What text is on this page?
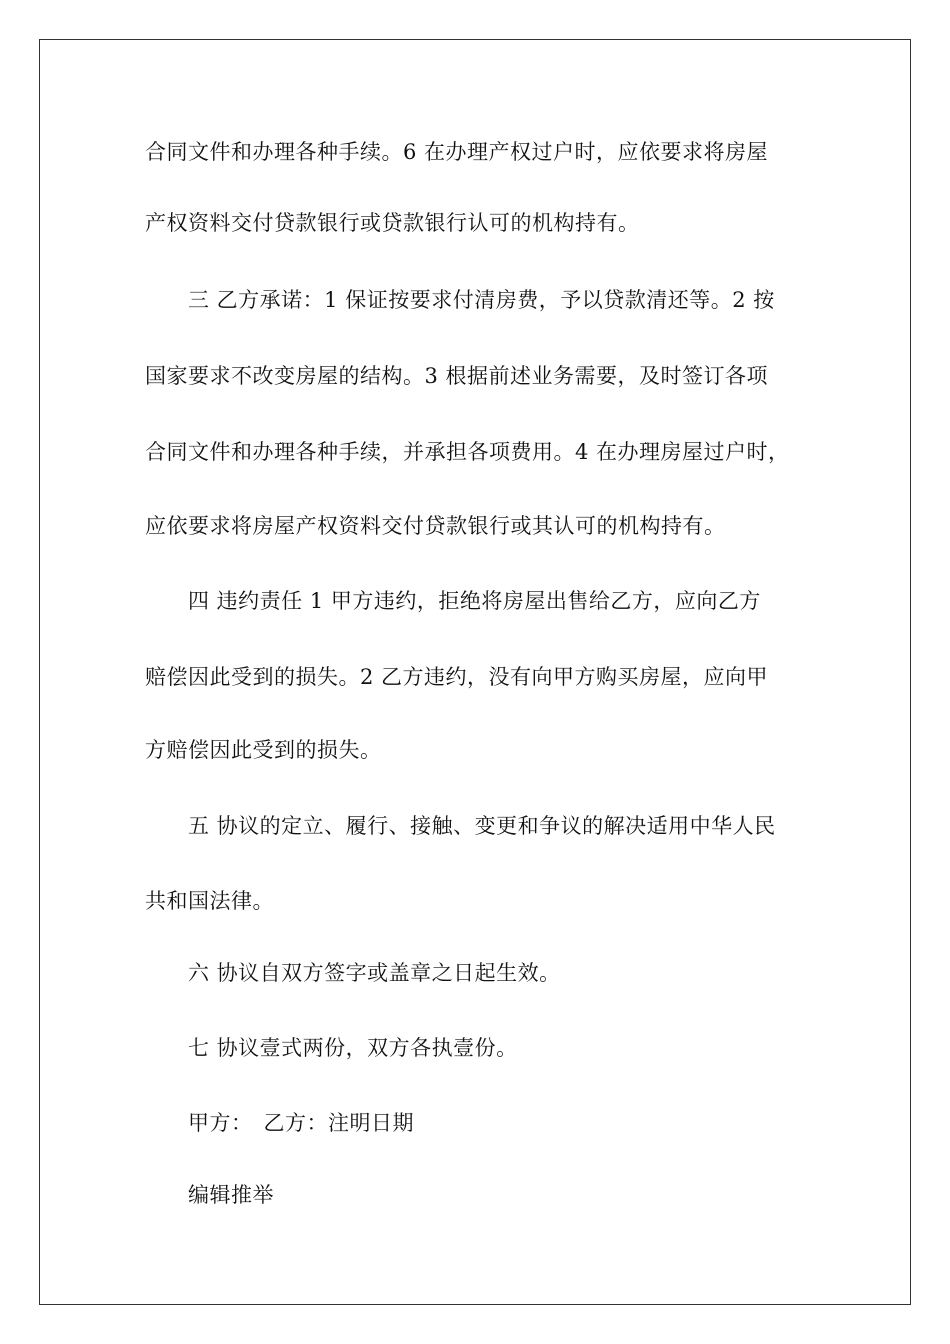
合同文件和办理各种手续。6 在办理产权过户时，应依要求将房屋
产权资料交付贷款银行或贷款银行认可的机构持有。
三 乙方承诺：1 保证按要求付清房费，予以贷款清还等。2 按
国家要求不改变房屋的结构。3 根据前述业务需要，及时签订各项
合同文件和办理各种手续，并承担各项费用。4 在办理房屋过户时，
应依要求将房屋产权资料交付贷款银行或其认可的机构持有。
四 违约责任 1 甲方违约，拒绝将房屋出售给乙方，应向乙方
赔偿因此受到的损失。2 乙方违约，没有向甲方购买房屋，应向甲
方赔偿因此受到的损失。
五 协议的定立、履行、接触、变更和争议的解决适用中华人民
共和国法律。
六 协议自双方签字或盖章之日起生效。
七 协议壹式两份，双方各执壹份。
甲方：　乙方：注明日期
编辑推举
